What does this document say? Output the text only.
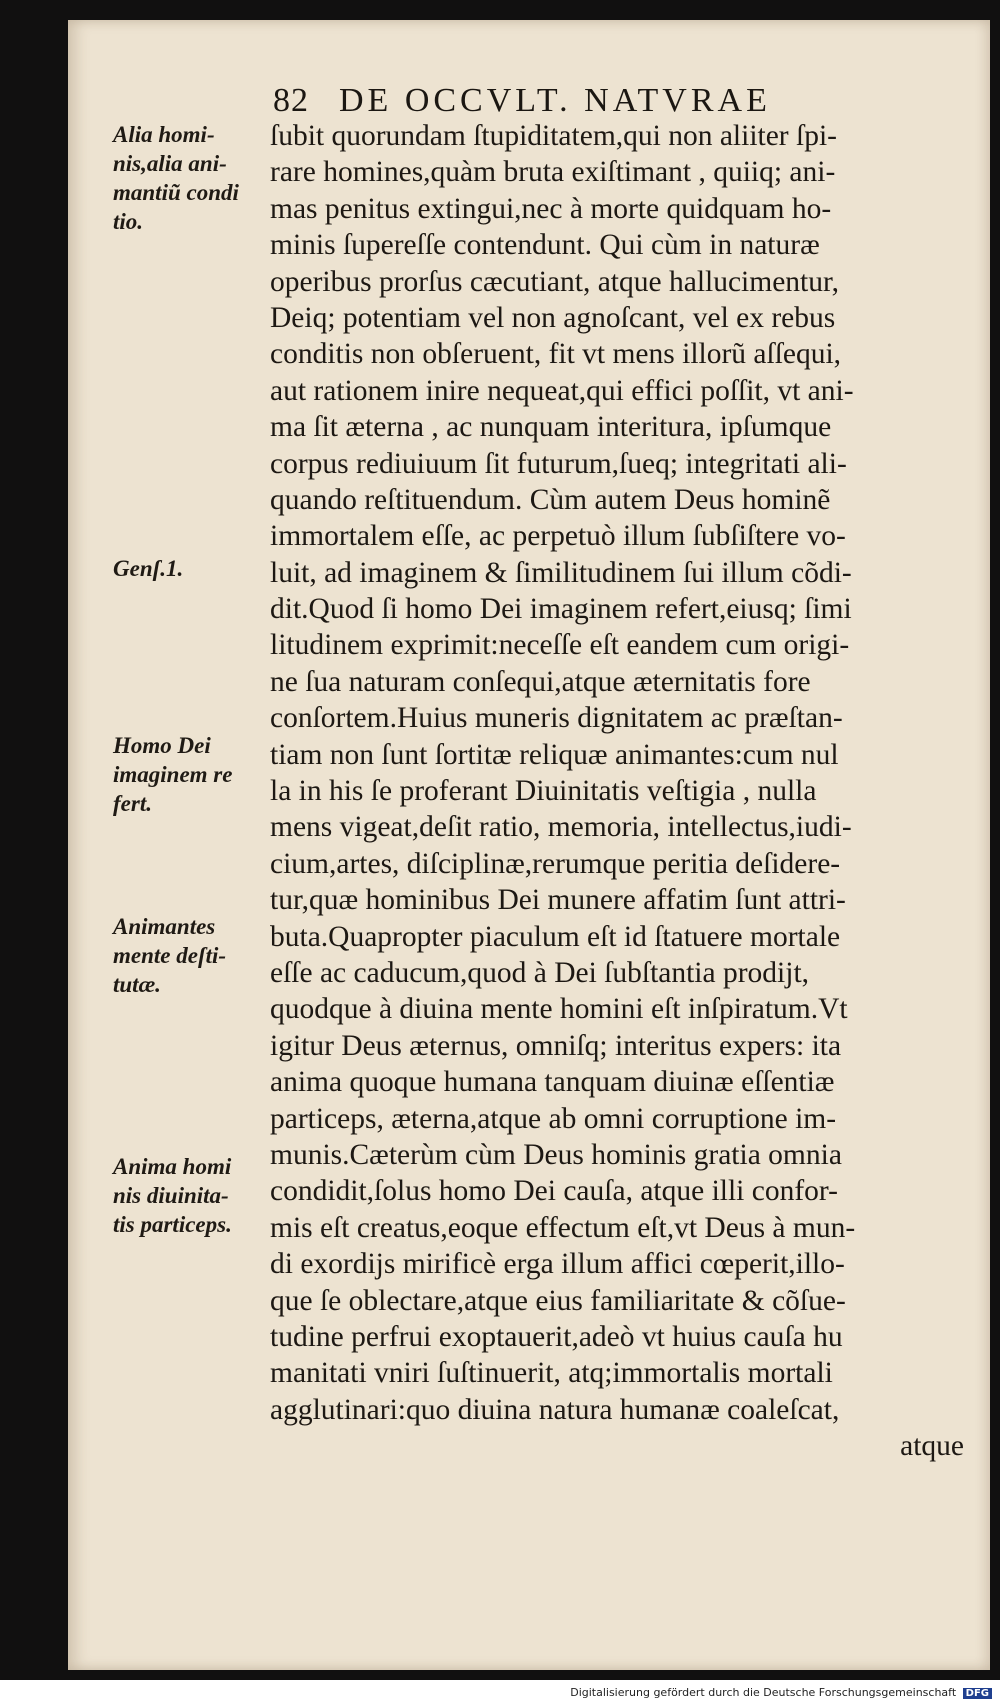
82 DE OCCVLT. NATVRAE
ſubit quorundam ſtupiditatem,qui non aliiter ſpi-
rare homines,quàm bruta exiſtimant , quiiq; ani-
mas penitus extingui,nec à morte quidquam ho-
minis ſupereſſe contendunt. Qui cùm in naturæ
operibus prorſus cæcutiant, atque hallucimentur,
Deiq; potentiam vel non agnoſcant, vel ex rebus
conditis non obſeruent, fit vt mens illorũ aſſequi,
aut rationem inire nequeat,qui effici poſſit, vt ani-
ma ſit æterna , ac nunquam interitura, ipſumque
corpus rediuiuum ſit futurum,ſueq; integritati ali-
quando reſtituendum. Cùm autem Deus hominẽ
immortalem eſſe, ac perpetuò illum ſubſiſtere vo-
luit, ad imaginem & ſimilitudinem ſui illum cõdi-
dit.Quod ſi homo Dei imaginem refert,eiusq; ſimi
litudinem exprimit:neceſſe eſt eandem cum origi-
ne ſua naturam conſequi,atque æternitatis fore
conſortem.Huius muneris dignitatem ac præſtan-
tiam non ſunt ſortitæ reliquæ animantes:cum nul
la in his ſe proferant Diuinitatis veſtigia , nulla
mens vigeat,deſit ratio, memoria, intellectus,iudi-
cium,artes, diſciplinæ,rerumque peritia deſidere-
tur,quæ hominibus Dei munere affatim ſunt attri-
buta.Quapropter piaculum eſt id ſtatuere mortale
eſſe ac caducum,quod à Dei ſubſtantia prodijt,
quodque à diuina mente homini eſt inſpiratum.Vt
igitur Deus æternus, omniſq; interitus expers: ita
anima quoque humana tanquam diuinæ eſſentiæ
particeps, æterna,atque ab omni corruptione im-
munis.Cæterùm cùm Deus hominis gratia omnia
condidit,ſolus homo Dei cauſa, atque illi confor-
mis eſt creatus,eoque effectum eſt,vt Deus à mun-
di exordijs mirificè erga illum affici cœperit,illo-
que ſe oblectare,atque eius familiaritate & cõſue-
tudine perfrui exoptauerit,adeò vt huius cauſa hu
manitati vniri ſuſtinuerit, atq;immortalis mortali
agglutinari:quo diuina natura humanæ coaleſcat,
atque
Alia homi-
nis,alia ani-
mantiũ condi
tio.
Genſ.1.
Homo Dei
imaginem re
fert.
Animantes
mente deſti-
tutæ.
Anima homi
nis diuinita-
tis particeps.
Digitalisierung gefördert durch die Deutsche Forschungsgemeinschaft DFG
